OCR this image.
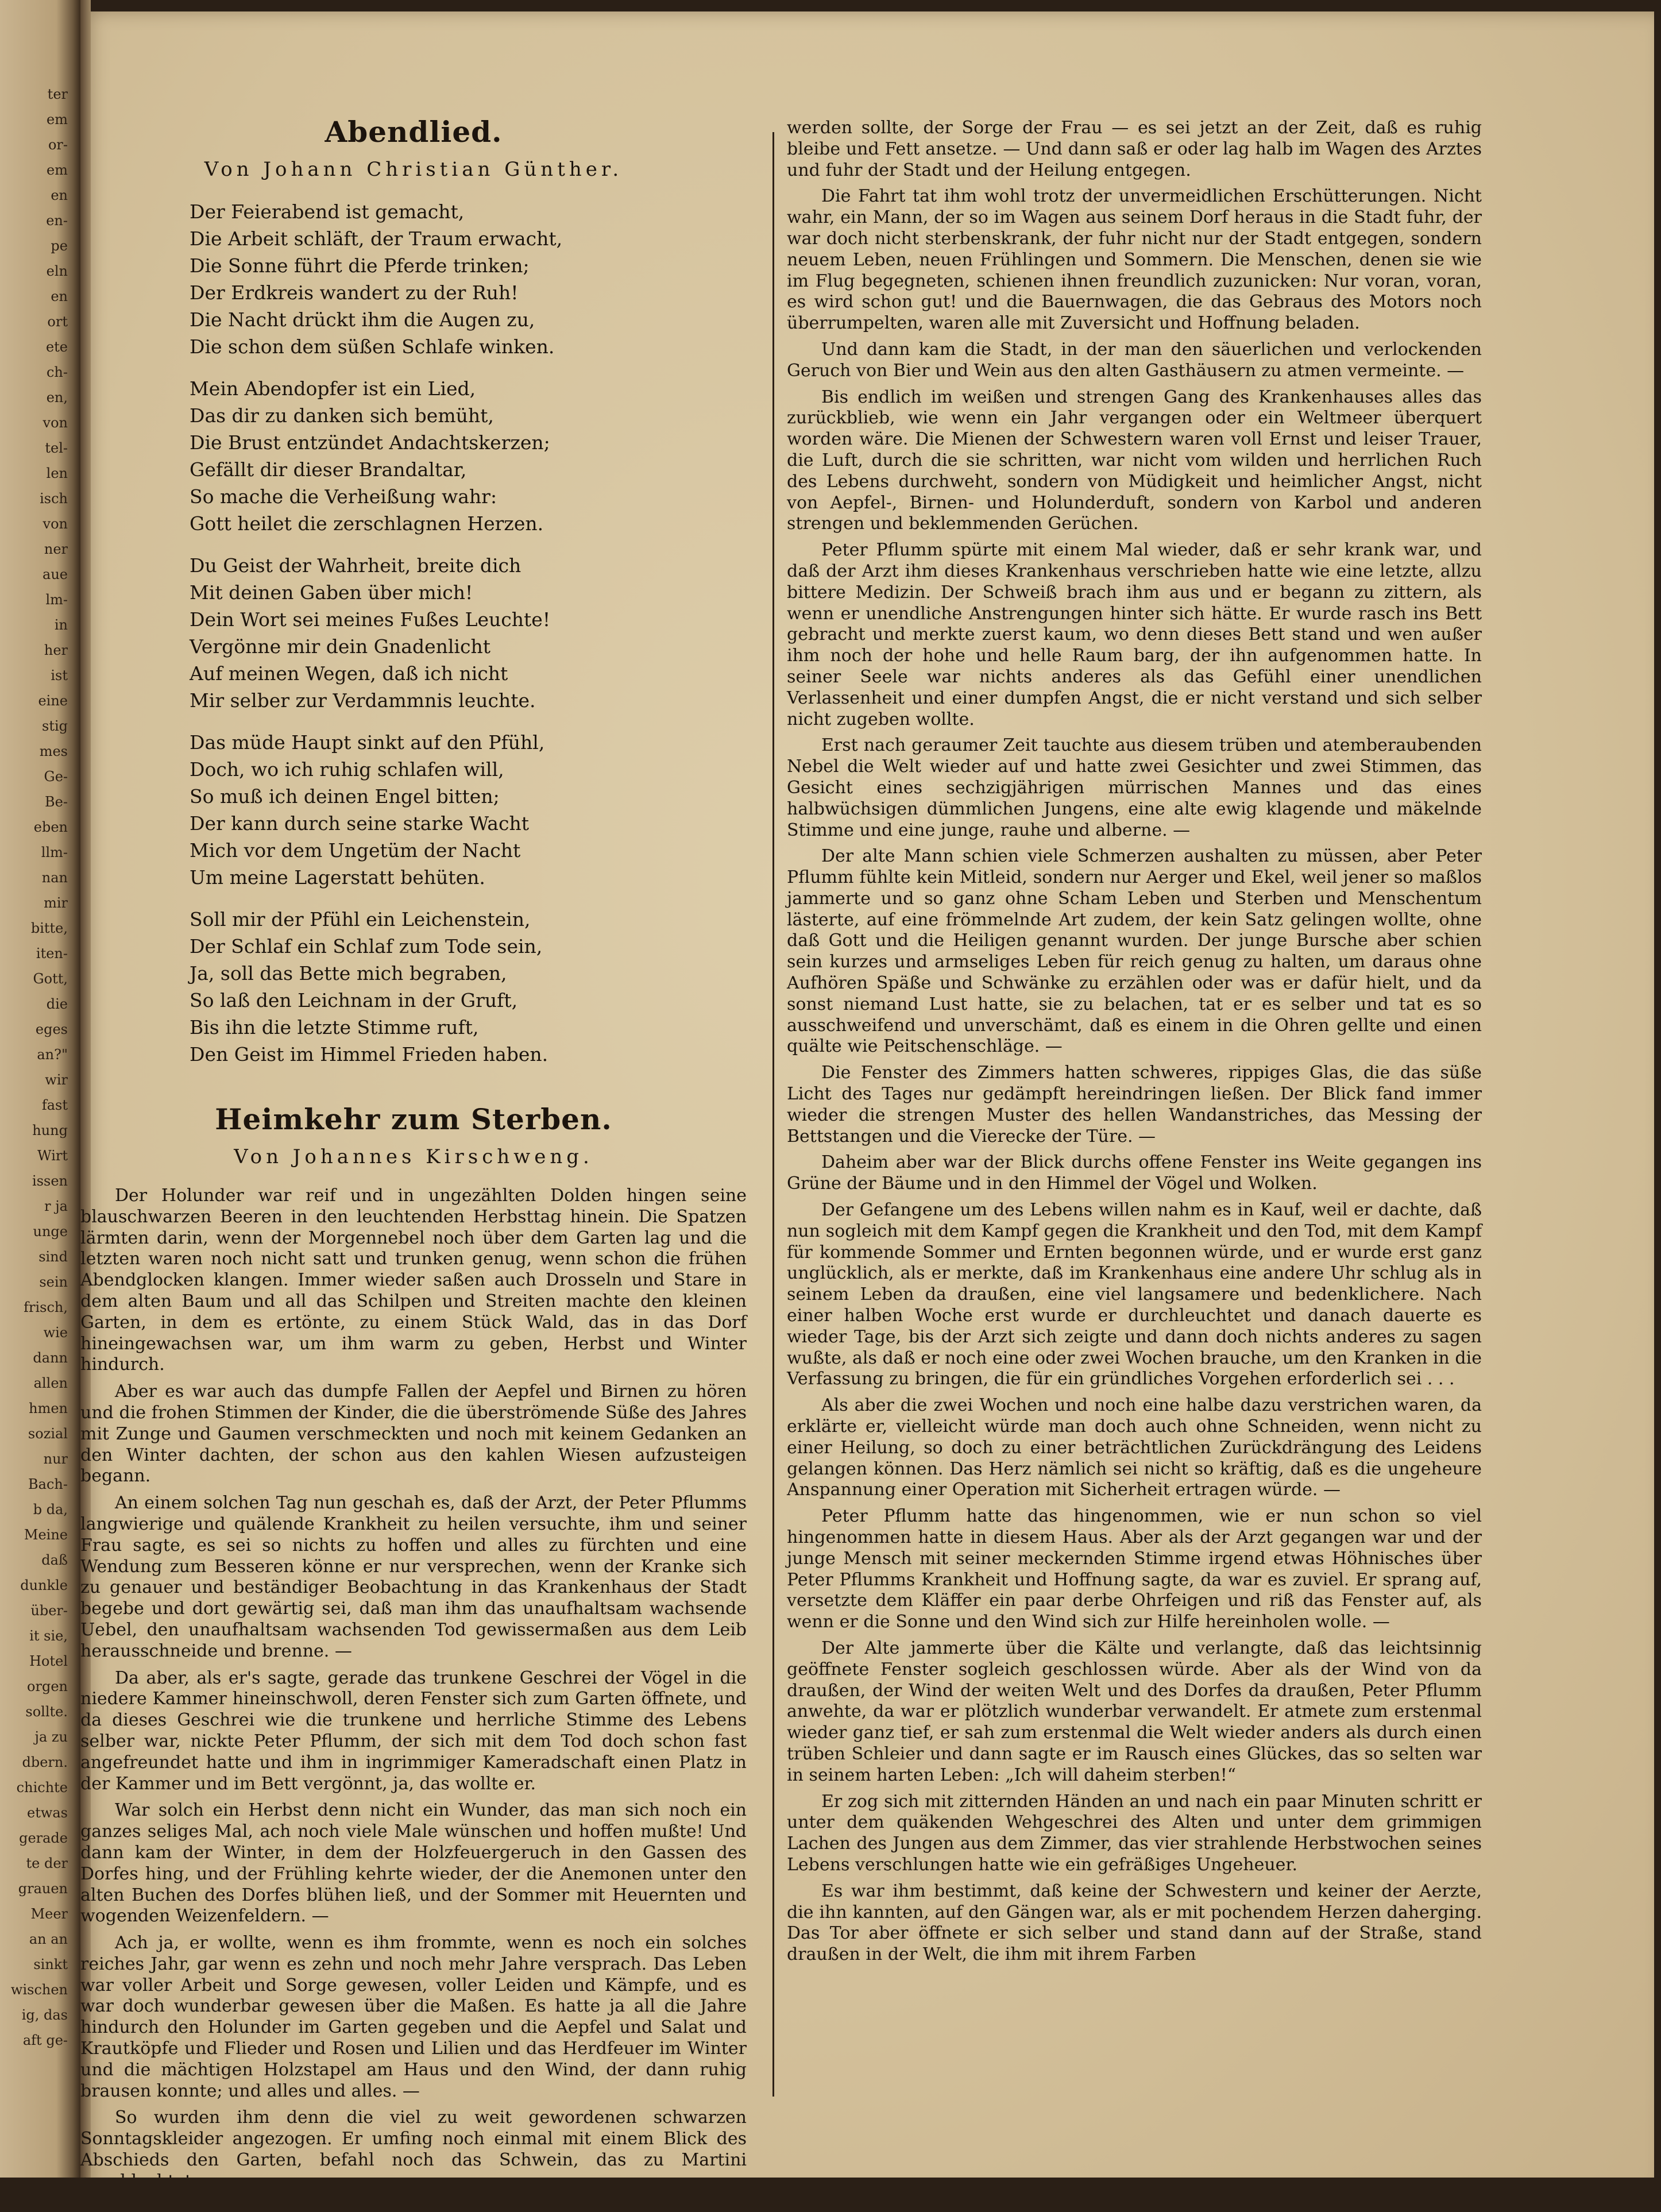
ter
em
or-
em
en
en-
pe
eln
en
ort
ete
ch-
en,
von
tel-
len
isch
von
ner
aue
lm-
in
her
ist
eine
stig
mes
Ge-
Be-
eben
llm-
nan
mir
bitte,
iten-
Gott,
die
eges
an?"
wir
fast
hung
Wirt
issen
r ja
unge
sind
sein
frisch,
wie
dann
allen
hmen
sozial
nur
Bach-
b da,
Meine
daß
dunkle
über-
it sie,
Hotel
orgen
sollte.
ja zu
dbern.
chichte
etwas
gerade
te der
grauen
Meer
an an
sinkt
wischen
ig, das
aft ge-
Abendlied.
Von Johann Christian Günther.
Der Feierabend ist gemacht,
Die Arbeit schläft, der Traum erwacht,
Die Sonne führt die Pferde trinken;
Der Erdkreis wandert zu der Ruh!
Die Nacht drückt ihm die Augen zu,
Die schon dem süßen Schlafe winken.
Mein Abendopfer ist ein Lied,
Das dir zu danken sich bemüht,
Die Brust entzündet Andachtskerzen;
Gefällt dir dieser Brandaltar,
So mache die Verheißung wahr:
Gott heilet die zerschlagnen Herzen.
Du Geist der Wahrheit, breite dich
Mit deinen Gaben über mich!
Dein Wort sei meines Fußes Leuchte!
Vergönne mir dein Gnadenlicht
Auf meinen Wegen, daß ich nicht
Mir selber zur Verdammnis leuchte.
Das müde Haupt sinkt auf den Pfühl,
Doch, wo ich ruhig schlafen will,
So muß ich deinen Engel bitten;
Der kann durch seine starke Wacht
Mich vor dem Ungetüm der Nacht
Um meine Lagerstatt behüten.
Soll mir der Pfühl ein Leichenstein,
Der Schlaf ein Schlaf zum Tode sein,
Ja, soll das Bette mich begraben,
So laß den Leichnam in der Gruft,
Bis ihn die letzte Stimme ruft,
Den Geist im Himmel Frieden haben.
Heimkehr zum Sterben.
Von Johannes Kirschweng.

Der Holunder war reif und in ungezählten Dolden hingen seine blauschwarzen Beeren in den leuchtenden Herbsttag hinein. Die Spatzen lärmten darin, wenn der Morgennebel noch über dem Garten lag und die letzten waren noch nicht satt und trunken genug, wenn schon die frühen Abendglocken klangen. Immer wieder saßen auch Drosseln und Stare in dem alten Baum und all das Schilpen und Streiten machte den kleinen Garten, in dem es ertönte, zu einem Stück Wald, das in das Dorf hineingewachsen war, um ihm warm zu geben, Herbst und Winter hindurch.

Aber es war auch das dumpfe Fallen der Aepfel und Birnen zu hören und die frohen Stimmen der Kinder, die die überströmende Süße des Jahres mit Zunge und Gaumen verschmeckten und noch mit keinem Gedanken an den Winter dachten, der schon aus den kahlen Wiesen aufzusteigen begann.

An einem solchen Tag nun geschah es, daß der Arzt, der Peter Pflumms langwierige und quälende Krankheit zu heilen versuchte, ihm und seiner Frau sagte, es sei so nichts zu hoffen und alles zu fürchten und eine Wendung zum Besseren könne er nur versprechen, wenn der Kranke sich zu genauer und beständiger Beobachtung in das Krankenhaus der Stadt begebe und dort gewärtig sei, daß man ihm das unaufhaltsam wachsende Uebel, den unaufhaltsam wachsenden Tod gewissermaßen aus dem Leib herausschneide und brenne. —

Da aber, als er's sagte, gerade das trunkene Geschrei der Vögel in die niedere Kammer hineinschwoll, deren Fenster sich zum Garten öffnete, und da dieses Geschrei wie die trunkene und herrliche Stimme des Lebens selber war, nickte Peter Pflumm, der sich mit dem Tod doch schon fast angefreundet hatte und ihm in ingrimmiger Kameradschaft einen Platz in der Kammer und im Bett vergönnt, ja, das wollte er.

War solch ein Herbst denn nicht ein Wunder, das man sich noch ein ganzes seliges Mal, ach noch viele Male wünschen und hoffen mußte! Und dann kam der Winter, in dem der Holzfeuergeruch in den Gassen des Dorfes hing, und der Frühling kehrte wieder, der die Anemonen unter den alten Buchen des Dorfes blühen ließ, und der Sommer mit Heuernten und wogenden Weizenfeldern. —

Ach ja, er wollte, wenn es ihm frommte, wenn es noch ein solches reiches Jahr, gar wenn es zehn und noch mehr Jahre versprach. Das Leben war voller Arbeit und Sorge gewesen, voller Leiden und Kämpfe, und es war doch wunderbar gewesen über die Maßen. Es hatte ja all die Jahre hindurch den Holunder im Garten gegeben und die Aepfel und Salat und Krautköpfe und Flieder und Rosen und Lilien und das Herdfeuer im Winter und die mächtigen Holzstapel am Haus und den Wind, der dann ruhig brausen konnte; und alles und alles. —

So wurden ihm denn die viel zu weit gewordenen schwarzen Sonntagskleider angezogen. Er umfing noch einmal mit einem Blick des Abschieds den Garten, befahl noch das Schwein, das zu Martini

werden sollte, der Sorge der Frau — es sei jetzt an der Zeit, daß es ruhig bleibe und Fett ansetze. — Und dann saß er oder lag halb im Wagen des Arztes und fuhr der Stadt und der Heilung entgegen.

Die Fahrt tat ihm wohl trotz der unvermeidlichen Erschütterungen. Nicht wahr, ein Mann, der so im Wagen aus seinem Dorf heraus in die Stadt fuhr, der war doch nicht sterbenskrank, der fuhr nicht nur der Stadt entgegen, sondern neuem Leben, neuen Frühlingen und Sommern. Die Menschen, denen sie wie im Flug begegneten, schienen ihnen freundlich zuzunicken: Nur voran, voran, es wird schon gut! und die Bauernwagen, die das Gebraus des Motors noch überrumpelten, waren alle mit Zuversicht und Hoffnung beladen.

Und dann kam die Stadt, in der man den säuerlichen und verlockenden Geruch von Bier und Wein aus den alten Gasthäusern zu atmen vermeinte. —

Bis endlich im weißen und strengen Gang des Krankenhauses alles das zurückblieb, wie wenn ein Jahr vergangen oder ein Weltmeer überquert worden wäre. Die Mienen der Schwestern waren voll Ernst und leiser Trauer, die Luft, durch die sie schritten, war nicht vom wilden und herrlichen Ruch des Lebens durchweht, sondern von Müdigkeit und heimlicher Angst, nicht von Aepfel-, Birnen- und Holunderduft, sondern von Karbol und anderen strengen und beklemmenden Gerüchen.

Peter Pflumm spürte mit einem Mal wieder, daß er sehr krank war, und daß der Arzt ihm dieses Krankenhaus verschrieben hatte wie eine letzte, allzu bittere Medizin. Der Schweiß brach ihm aus und er begann zu zittern, als wenn er unendliche Anstrengungen hinter sich hätte. Er wurde rasch ins Bett gebracht und merkte zuerst kaum, wo denn dieses Bett stand und wen außer ihm noch der hohe und helle Raum barg, der ihn aufgenommen hatte. In seiner Seele war nichts anderes als das Gefühl einer unendlichen Verlassenheit und einer dumpfen Angst, die er nicht verstand und sich selber nicht zugeben wollte.

Erst nach geraumer Zeit tauchte aus diesem trüben und atemberaubenden Nebel die Welt wieder auf und hatte zwei Gesichter und zwei Stimmen, das Gesicht eines sechzigjährigen mürrischen Mannes und das eines halbwüchsigen dümmlichen Jungens, eine alte ewig klagende und mäkelnde Stimme und eine junge, rauhe und alberne. —

Der alte Mann schien viele Schmerzen aushalten zu müssen, aber Peter Pflumm fühlte kein Mitleid, sondern nur Aerger und Ekel, weil jener so maßlos jammerte und so ganz ohne Scham Leben und Sterben und Menschentum lästerte, auf eine frömmelnde Art zudem, der kein Satz gelingen wollte, ohne daß Gott und die Heiligen genannt wurden. Der junge Bursche aber schien sein kurzes und armseliges Leben für reich genug zu halten, um daraus ohne Aufhören Späße und Schwänke zu erzählen oder was er dafür hielt, und da sonst niemand Lust hatte, sie zu belachen, tat er es selber und tat es so ausschweifend und unverschämt, daß es einem in die Ohren gellte und einen quälte wie Peitschenschläge. —

Die Fenster des Zimmers hatten schweres, rippiges Glas, die das süße Licht des Tages nur gedämpft hereindringen ließen. Der Blick fand immer wieder die strengen Muster des hellen Wandanstriches, das Messing der Bettstangen und die Vierecke der Türe. —

Daheim aber war der Blick durchs offene Fenster ins Weite gegangen ins Grüne der Bäume und in den Himmel der Vögel und Wolken.

Der Gefangene um des Lebens willen nahm es in Kauf, weil er dachte, daß nun sogleich mit dem Kampf gegen die Krankheit und den Tod, mit dem Kampf für kommende Sommer und Ernten begonnen würde, und er wurde erst ganz unglücklich, als er merkte, daß im Krankenhaus eine andere Uhr schlug als in seinem Leben da draußen, eine viel langsamere und bedenklichere. Nach einer halben Woche erst wurde er durchleuchtet und danach dauerte es wieder Tage, bis der Arzt sich zeigte und dann doch nichts anderes zu sagen wußte, als daß er noch eine oder zwei Wochen brauche, um den Kranken in die Verfassung zu bringen, die für ein gründliches Vorgehen erforderlich sei . . .

Als aber die zwei Wochen und noch eine halbe dazu verstrichen waren, da erklärte er, vielleicht würde man doch auch ohne Schneiden, wenn nicht zu einer Heilung, so doch zu einer beträchtlichen Zurückdrängung des Leidens gelangen können. Das Herz nämlich sei nicht so kräftig, daß es die ungeheure Anspannung einer Operation mit Sicherheit ertragen würde. —

Peter Pflumm hatte das hingenommen, wie er nun schon so viel hingenommen hatte in diesem Haus. Aber als der Arzt gegangen war und der junge Mensch mit seiner meckernden Stimme irgend etwas Höhnisches über Peter Pflumms Krankheit und Hoffnung sagte, da war es zuviel. Er sprang auf, versetzte dem Kläffer ein paar derbe Ohrfeigen und riß das Fenster auf, als wenn er die Sonne und den Wind sich zur Hilfe hereinholen wolle. —

Der Alte jammerte über die Kälte und verlangte, daß das leichtsinnig geöffnete Fenster sogleich geschlossen würde. Aber als der Wind von da draußen, der Wind der weiten Welt und des Dorfes da draußen, Peter Pflumm anwehte, da war er plötzlich wunderbar verwandelt. Er atmete zum erstenmal wieder ganz tief, er sah zum erstenmal die Welt wieder anders als durch einen trüben Schleier und dann sagte er im Rausch eines Glückes, das so selten war in seinem harten Leben: „Ich will daheim sterben!“

Er zog sich mit zitternden Händen an und nach ein paar Minuten schritt er unter dem quäkenden Wehgeschrei des Alten und unter dem grimmigen Lachen des Jungen aus dem Zimmer, das vier strahlende Herbstwochen seines Lebens verschlungen hatte wie ein gefräßiges Ungeheuer.

Es war ihm bestimmt, daß keine der Schwestern und keiner der Aerzte, die ihn kannten, auf den Gängen war, als er mit pochendem Herzen daherging. Das Tor aber öffnete er sich selber und stand dann auf der Straße, stand draußen in der Welt, die ihm mit ihrem Farben
